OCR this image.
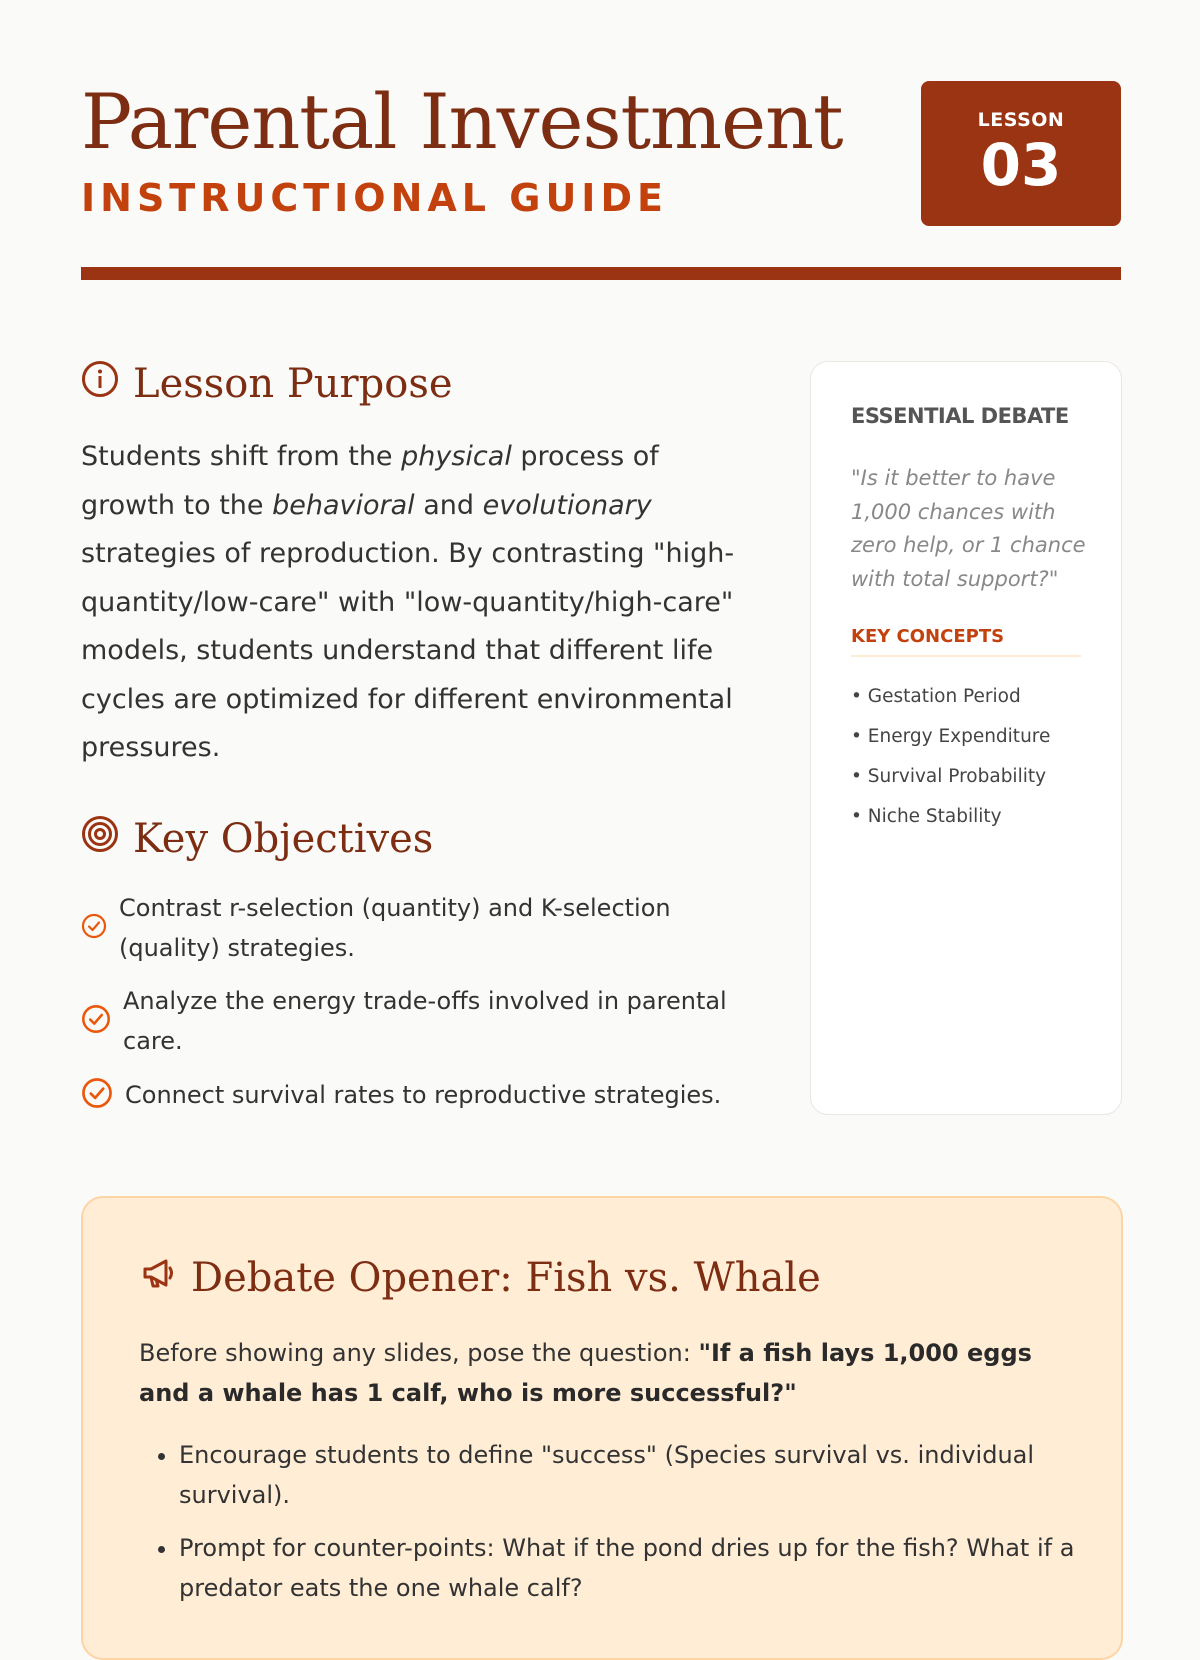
Parental Investment
INSTRUCTIONAL GUIDE
LESSON
03
Lesson Purpose
Students shift from the physical process of growth to the behavioral and evolutionary strategies of reproduction. By contrasting "high-quantity/low-care" with "low-quantity/high-care" models, students understand that different life cycles are optimized for different environmental pressures.
Key Objectives
Contrast r-selection (quantity) and K-selection (quality) strategies.
Analyze the energy trade-offs involved in parental care.
Connect survival rates to reproductive strategies.
ESSENTIAL DEBATE
"Is it better to have 1,000 chances with zero help, or 1 chance with total support?"
KEY CONCEPTS
• Gestation Period
• Energy Expenditure
• Survival Probability
• Niche Stability
Debate Opener: Fish vs. Whale
Before showing any slides, pose the question: "If a fish lays 1,000 eggs and a whale has 1 calf, who is more successful?"
• Encourage students to define "success" (Species survival vs. individual survival).
• Prompt for counter-points: What if the pond dries up for the fish? What if a predator eats the one whale calf?
